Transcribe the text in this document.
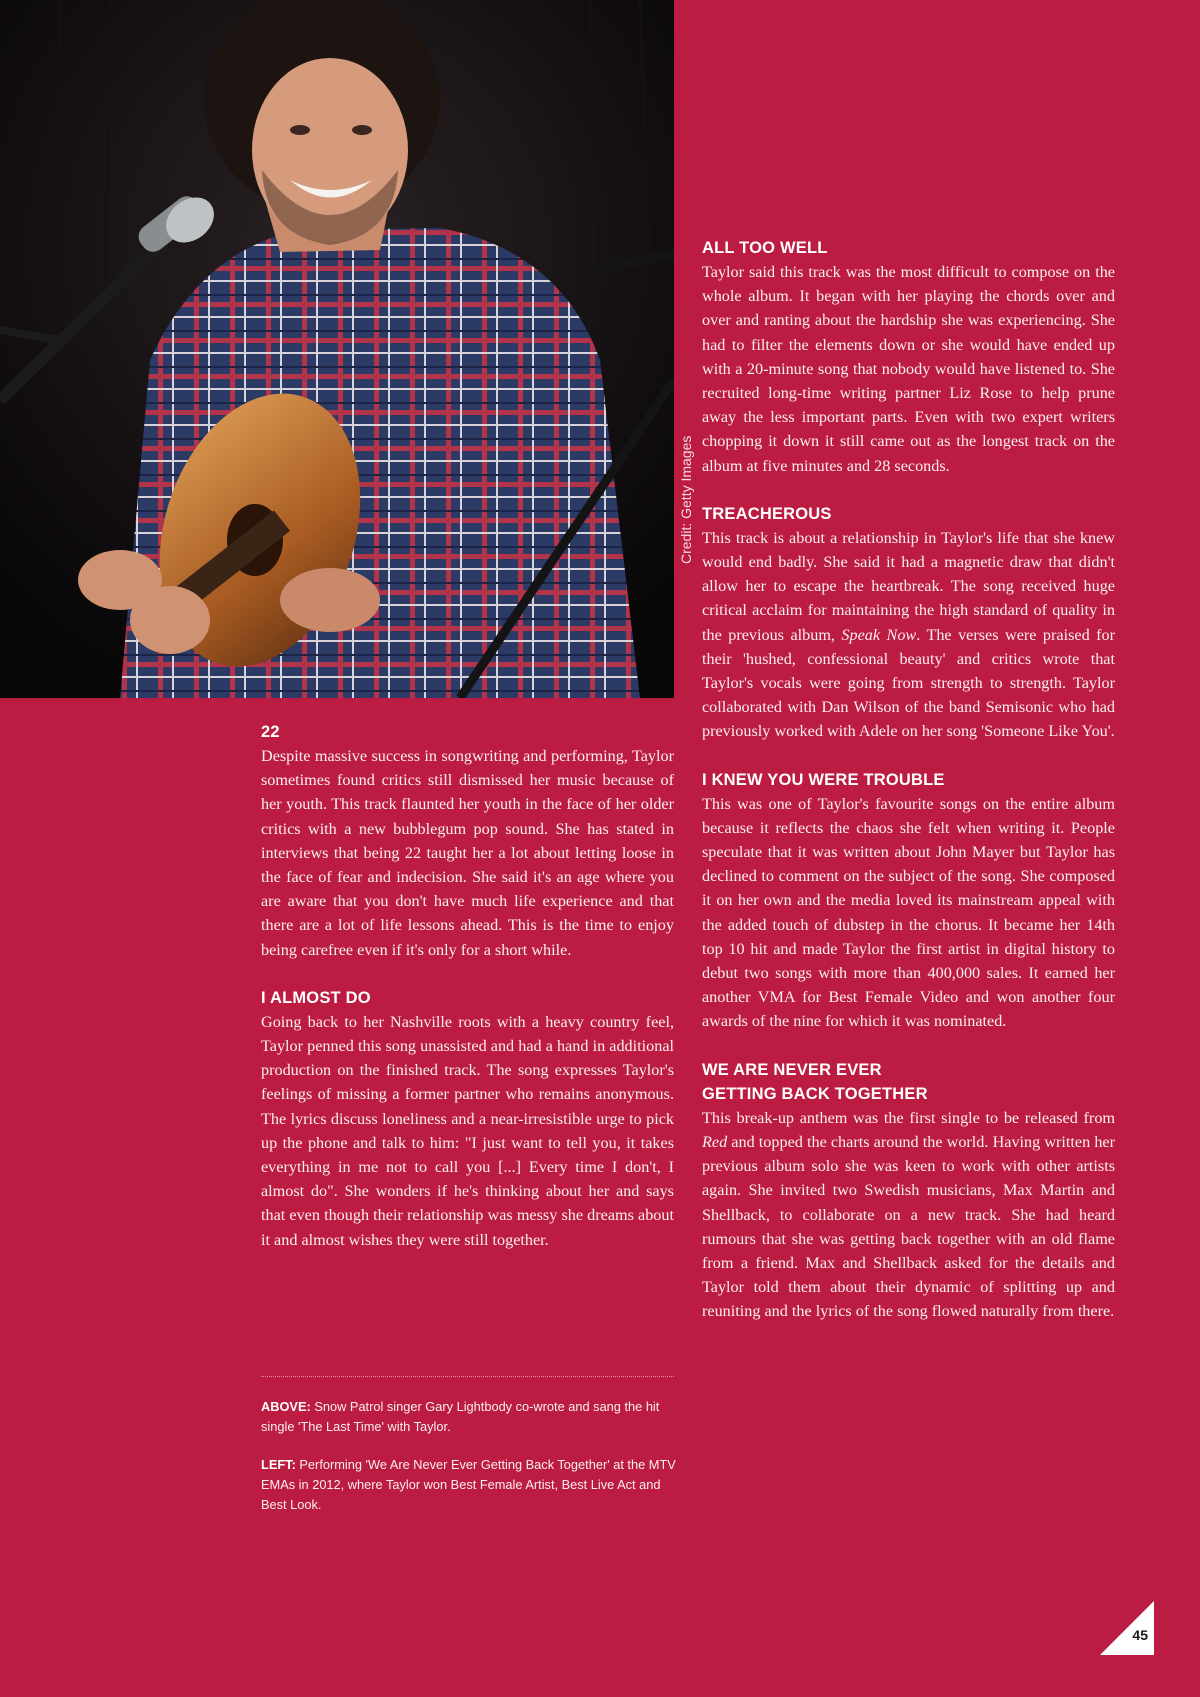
Credit: Getty Images
22

Despite massive success in songwriting and performing, Taylor sometimes found critics still dismissed her music because of her youth. This track flaunted her youth in the face of her older critics with a new bubblegum pop sound. She has stated in interviews that being 22 taught her a lot about letting loose in the face of fear and indecision. She said it's an age where you are aware that you don't have much life experience and that there are a lot of life lessons ahead. This is the time to enjoy being carefree even if it's only for a short while.

I ALMOST DO

Going back to her Nashville roots with a heavy country feel, Taylor penned this song unassisted and had a hand in additional production on the finished track. The song expresses Taylor's feelings of missing a former partner who remains anonymous. The lyrics discuss loneliness and a near-irresistible urge to pick up the phone and talk to him: "I just want to tell you, it takes everything in me not to call you [...] Every time I don't, I almost do". She wonders if he's thinking about her and says that even though their relationship was messy she dreams about it and almost wishes they were still together.

ABOVE: Snow Patrol singer Gary Lightbody co-wrote and sang the hit single 'The Last Time' with Taylor.

LEFT: Performing 'We Are Never Ever Getting Back Together' at the MTV EMAs in 2012, where Taylor won Best Female Artist, Best Live Act and Best Look.

ALL TOO WELL

Taylor said this track was the most difficult to compose on the whole album. It began with her playing the chords over and over and ranting about the hardship she was experiencing. She had to filter the elements down or she would have ended up with a 20-minute song that nobody would have listened to. She recruited long-time writing partner Liz Rose to help prune away the less important parts. Even with two expert writers chopping it down it still came out as the longest track on the album at five minutes and 28 seconds.

TREACHEROUS

This track is about a relationship in Taylor's life that she knew would end badly. She said it had a magnetic draw that didn't allow her to escape the heartbreak. The song received huge critical acclaim for maintaining the high standard of quality in the previous album, Speak Now. The verses were praised for their 'hushed, confessional beauty' and critics wrote that Taylor's vocals were going from strength to strength. Taylor collaborated with Dan Wilson of the band Semisonic who had previously worked with Adele on her song 'Someone Like You'.

I KNEW YOU WERE TROUBLE

This was one of Taylor's favourite songs on the entire album because it reflects the chaos she felt when writing it. People speculate that it was written about John Mayer but Taylor has declined to comment on the subject of the song. She composed it on her own and the media loved its mainstream appeal with the added touch of dubstep in the chorus. It became her 14th top 10 hit and made Taylor the first artist in digital history to debut two songs with more than 400,000 sales. It earned her another VMA for Best Female Video and won another four awards of the nine for which it was nominated.

WE ARE NEVER EVER
GETTING BACK TOGETHER

This break-up anthem was the first single to be released from Red and topped the charts around the world. Having written her previous album solo she was keen to work with other artists again. She invited two Swedish musicians, Max Martin and Shellback, to collaborate on a new track. She had heard rumours that she was getting back together with an old flame from a friend. Max and Shellback asked for the details and Taylor told them about their dynamic of splitting up and reuniting and the lyrics of the song flowed naturally from there.

45
